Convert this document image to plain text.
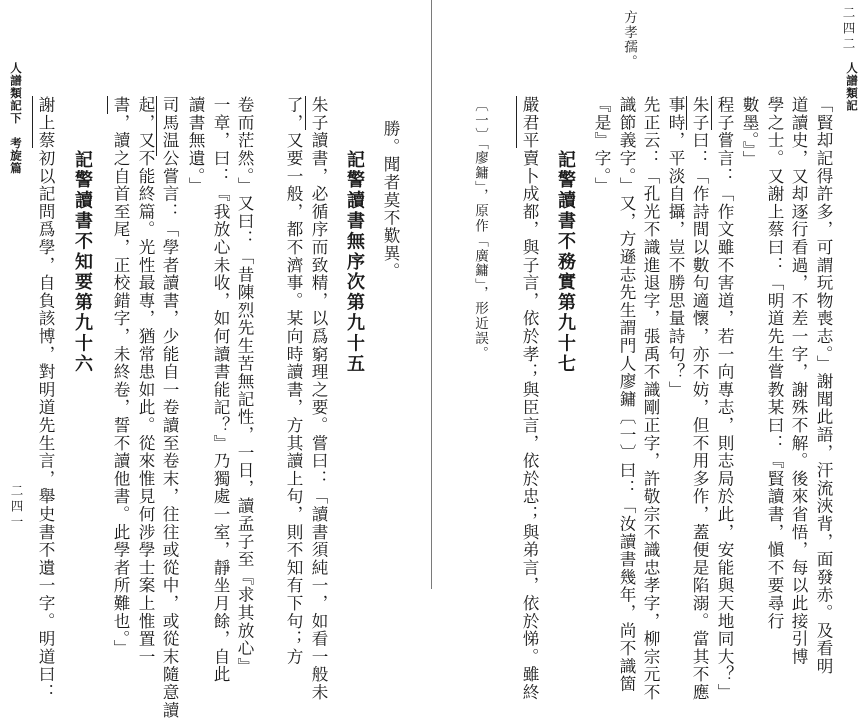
人譜類記下　考旋篇
二四一
勝。聞者莫不歎異。
記警讀書無序次第九十五
朱子讀書，必循序而致精，以爲窮理之要。嘗曰：「讀書須純一，如看一般未
了，又要一般，都不濟事。某向時讀書，方其讀上句，則不知有下句；方
卷而茫然。」又曰：「昔陳烈先生苦無記性，一日，讀孟子至『求其放心』
一章，曰：『我放心未收，如何讀書能記？』乃獨處一室，靜坐月餘，自此
讀書無遺。」
司馬温公嘗言：「學者讀書，少能自一卷讀至卷末，往往或從中，或從末隨意讀
起，又不能終篇。光性最專，猶常患如此。從來惟見何涉學士案上惟置一
書，讀之自首至尾，正校錯字，未終卷，誓不讀他書。此學者所難也。」
記警讀書不知要第九十六
謝上蔡初以記問爲學，自負該博，對明道先生言，舉史書不遺一字。明道曰：
人譜類記
二四二
方孝孺。
「賢却記得許多，可謂玩物喪志。」謝聞此語，汗流浹背，面發赤。及看明
道讀史，又却逐行看過，不差一字，謝殊不解。後來省悟，每以此接引博
學之士。又謝上蔡曰：「明道先生嘗教某曰：『賢讀書，愼不要尋行
數墨。』」
程子嘗言：「作文雖不害道，若一向專志，則志局於此，安能與天地同大？」
朱子曰：「作詩間以數句適懷，亦不妨，但不用多作，蓋便是陷溺。當其不應
事時，平淡自攝，豈不勝思量詩句？」
先正云：「孔光不識進退字，張禹不識剛正字，許敬宗不識忠孝字，柳宗元不
識節義字。」又，方遜志先生謂門人廖鏞〔一〕曰：「汝讀書幾年，尚不識箇
『是』字。」
記警讀書不務實第九十七
嚴君平賣卜成都，與子言，依於孝；與臣言，依於忠；與弟言，依於悌。雖終
〔一〕「廖鏞」，原作「廣鏞」，形近誤。
